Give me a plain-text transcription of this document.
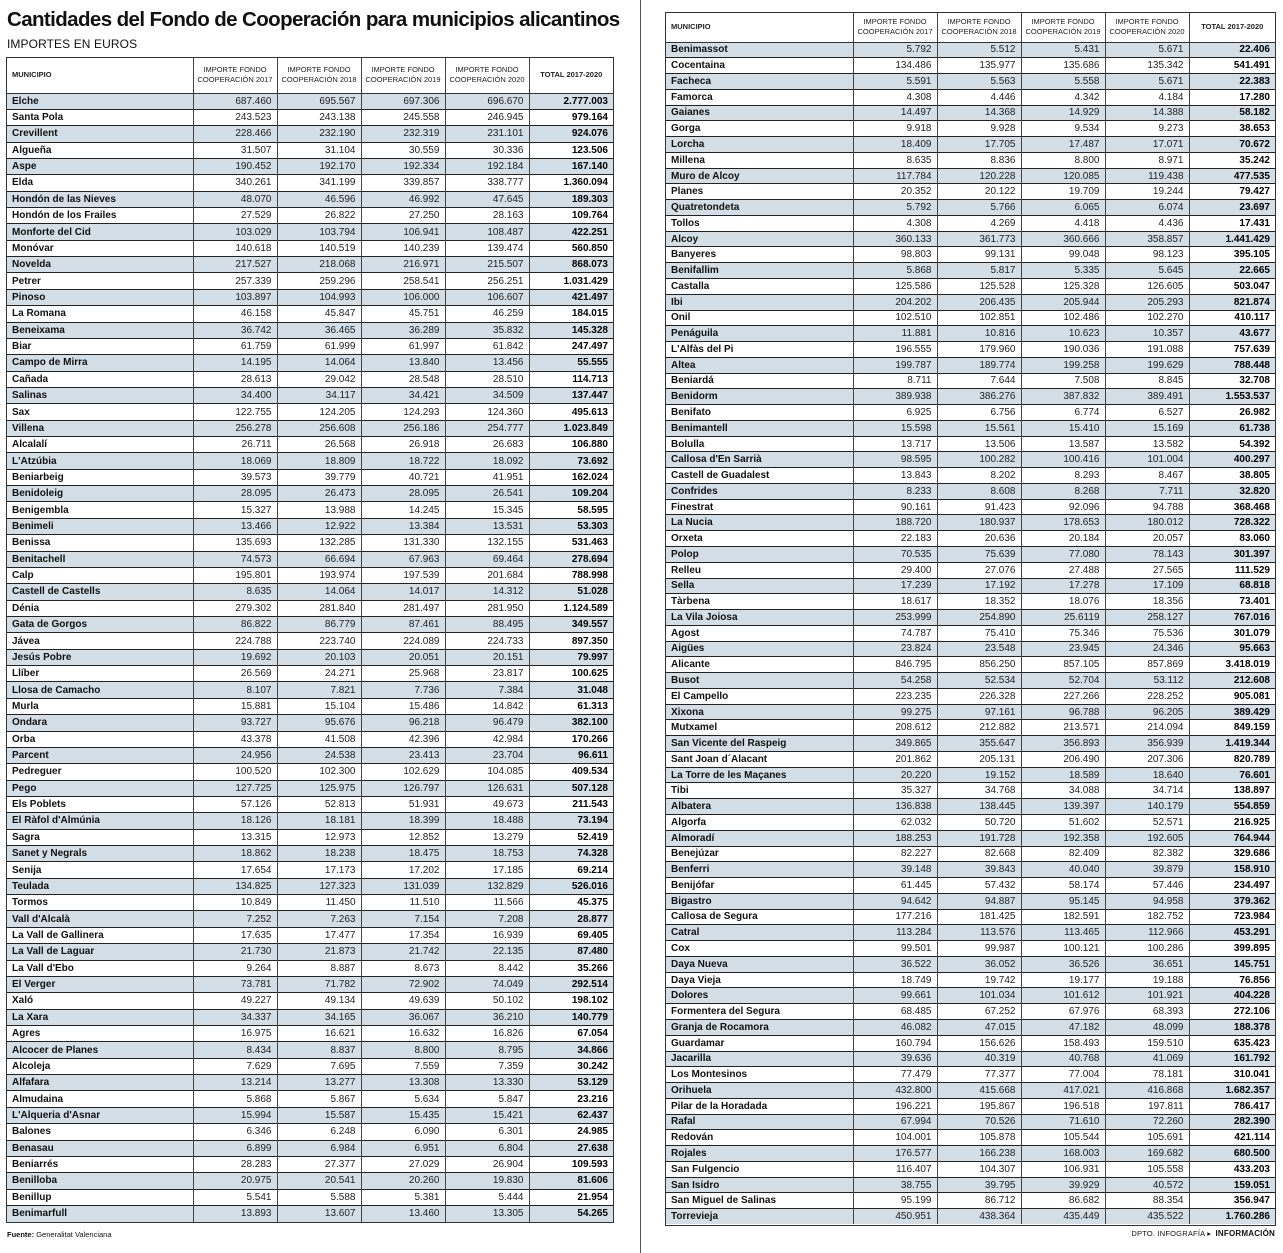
Cantidades del Fondo de Cooperación para municipios alicantinos
IMPORTES EN EUROS
MUNICIPIO	IMPORTE FONDO COOPERACIÓN 2017	IMPORTE FONDO COOPERACIÓN 2018	IMPORTE FONDO COOPERACIÓN 2019	IMPORTE FONDO COOPERACIÓN 2020	TOTAL 2017-2020
Elche	687.460	695.567	697.306	696.670	2.777.003
Santa Pola	243.523	243.138	245.558	246.945	979.164
Crevillent	228.466	232.190	232.319	231.101	924.076
Algueña	31.507	31.104	30.559	30.336	123.506
Aspe	190.452	192.170	192.334	192.184	167.140
Elda	340.261	341.199	339.857	338.777	1.360.094
Hondón de las Nieves	48.070	46.596	46.992	47.645	189.303
Hondón de los Frailes	27.529	26.822	27.250	28.163	109.764
Monforte del Cid	103.029	103.794	106.941	108.487	422.251
Monóvar	140.618	140.519	140.239	139.474	560.850
Novelda	217.527	218.068	216.971	215.507	868.073
Petrer	257.339	259.296	258.541	256.251	1.031.429
Pinoso	103.897	104.993	106.000	106.607	421.497
La Romana	46.158	45.847	45.751	46.259	184.015
Beneixama	36.742	36.465	36.289	35.832	145.328
Biar	61.759	61.999	61.997	61.842	247.497
Campo de Mirra	14.195	14.064	13.840	13.456	55.555
Cañada	28.613	29.042	28.548	28.510	114.713
Salinas	34.400	34.117	34.421	34.509	137.447
Sax	122.755	124.205	124.293	124.360	495.613
Villena	256.278	256.608	256.186	254.777	1.023.849
Alcalalí	26.711	26.568	26.918	26.683	106.880
L'Atzúbia	18.069	18.809	18.722	18.092	73.692
Beniarbeig	39.573	39.779	40.721	41.951	162.024
Benidoleig	28.095	26.473	28.095	26.541	109.204
Benigembla	15.327	13.988	14.245	15.345	58.595
Benimeli	13.466	12.922	13.384	13.531	53.303
Benissa	135.693	132.285	131.330	132.155	531.463
Benitachell	74.573	66.694	67.963	69.464	278.694
Calp	195.801	193.974	197.539	201.684	788.998
Castell de Castells	8.635	14.064	14.017	14.312	51.028
Dénia	279.302	281.840	281.497	281.950	1.124.589
Gata de Gorgos	86.822	86.779	87.461	88.495	349.557
Jávea	224.788	223.740	224.089	224.733	897.350
Jesús Pobre	19.692	20.103	20.051	20.151	79.997
Llíber	26.569	24.271	25.968	23.817	100.625
Llosa de Camacho	8.107	7.821	7.736	7.384	31.048
Murla	15.881	15.104	15.486	14.842	61.313
Ondara	93.727	95.676	96.218	96.479	382.100
Orba	43.378	41.508	42.396	42.984	170.266
Parcent	24.956	24.538	23.413	23.704	96.611
Pedreguer	100.520	102.300	102.629	104.085	409.534
Pego	127.725	125.975	126.797	126.631	507.128
Els Poblets	57.126	52.813	51.931	49.673	211.543
El Ràfol d'Almúnia	18.126	18.181	18.399	18.488	73.194
Sagra	13.315	12.973	12.852	13.279	52.419
Sanet y Negrals	18.862	18.238	18.475	18.753	74.328
Senija	17.654	17.173	17.202	17.185	69.214
Teulada	134.825	127.323	131.039	132.829	526.016
Tormos	10.849	11.450	11.510	11.566	45.375
Vall d'Alcalà	7.252	7.263	7.154	7.208	28.877
La Vall de Gallinera	17.635	17.477	17.354	16.939	69.405
La Vall de Laguar	21.730	21.873	21.742	22.135	87.480
La Vall d'Ebo	9.264	8.887	8.673	8.442	35.266
El Verger	73.781	71.782	72.902	74.049	292.514
Xaló	49.227	49.134	49.639	50.102	198.102
La Xara	34.337	34.165	36.067	36.210	140.779
Agres	16.975	16.621	16.632	16.826	67.054
Alcocer de Planes	8.434	8.837	8.800	8.795	34.866
Alcoleja	7.629	7.695	7.559	7.359	30.242
Alfafara	13.214	13.277	13.308	13.330	53.129
Almudaina	5.868	5.867	5.634	5.847	23.216
L'Alqueria d'Asnar	15.994	15.587	15.435	15.421	62.437
Balones	6.346	6.248	6.090	6.301	24.985
Benasau	6.899	6.984	6.951	6.804	27.638
Beniarrés	28.283	27.377	27.029	26.904	109.593
Benilloba	20.975	20.541	20.260	19.830	81.606
Benillup	5.541	5.588	5.381	5.444	21.954
Benimarfull	13.893	13.607	13.460	13.305	54.265
MUNICIPIO	IMPORTE FONDO COOPERACIÓN 2017	IMPORTE FONDO COOPERACIÓN 2018	IMPORTE FONDO COOPERACIÓN 2019	IMPORTE FONDO COOPERACIÓN 2020	TOTAL 2017-2020
Benimassot	5.792	5.512	5.431	5.671	22.406
Cocentaina	134.486	135.977	135.686	135.342	541.491
Facheca	5.591	5.563	5.558	5.671	22.383
Famorca	4.308	4.446	4.342	4.184	17.280
Gaianes	14.497	14.368	14.929	14.388	58.182
Gorga	9.918	9.928	9.534	9.273	38.653
Lorcha	18.409	17.705	17.487	17.071	70.672
Millena	8.635	8.836	8.800	8.971	35.242
Muro de Alcoy	117.784	120.228	120.085	119.438	477.535
Planes	20.352	20.122	19.709	19.244	79.427
Quatretondeta	5.792	5.766	6.065	6.074	23.697
Tollos	4.308	4.269	4.418	4.436	17.431
Alcoy	360.133	361.773	360.666	358.857	1.441.429
Banyeres	98.803	99.131	99.048	98.123	395.105
Benifallim	5.868	5.817	5.335	5.645	22.665
Castalla	125.586	125.528	125.328	126.605	503.047
Ibi	204.202	206.435	205.944	205.293	821.874
Onil	102.510	102.851	102.486	102.270	410.117
Penáguila	11.881	10.816	10.623	10.357	43.677
L'Alfàs del Pi	196.555	179.960	190.036	191.088	757.639
Altea	199.787	189.774	199.258	199.629	788.448
Beniardá	8.711	7.644	7.508	8.845	32.708
Benidorm	389.938	386.276	387.832	389.491	1.553.537
Benifato	6.925	6.756	6.774	6.527	26.982
Benimantell	15.598	15.561	15.410	15.169	61.738
Bolulla	13.717	13.506	13.587	13.582	54.392
Callosa d'En Sarrià	98.595	100.282	100.416	101.004	400.297
Castell de Guadalest	13.843	8.202	8.293	8.467	38.805
Confrides	8.233	8.608	8.268	7.711	32.820
Finestrat	90.161	91.423	92.096	94.788	368.468
La Nucia	188.720	180.937	178.653	180.012	728.322
Orxeta	22.183	20.636	20.184	20.057	83.060
Polop	70.535	75.639	77.080	78.143	301.397
Relleu	29.400	27.076	27.488	27.565	111.529
Sella	17.239	17.192	17.278	17.109	68.818
Tàrbena	18.617	18.352	18.076	18.356	73.401
La Vila Joiosa	253.999	254.890	25.6119	258.127	767.016
Agost	74.787	75.410	75.346	75.536	301.079
Aigües	23.824	23.548	23.945	24.346	95.663
Alicante	846.795	856.250	857.105	857.869	3.418.019
Busot	54.258	52.534	52.704	53.112	212.608
El Campello	223.235	226.328	227.266	228.252	905.081
Xixona	99.275	97.161	96.788	96.205	389.429
Mutxamel	208.612	212.882	213.571	214.094	849.159
San Vicente del Raspeig	349.865	355.647	356.893	356.939	1.419.344
Sant Joan d´Alacant	201.862	205.131	206.490	207.306	820.789
La Torre de les Maçanes	20.220	19.152	18.589	18.640	76.601
Tibi	35.327	34.768	34.088	34.714	138.897
Albatera	136.838	138.445	139.397	140.179	554.859
Algorfa	62.032	50.720	51.602	52.571	216.925
Almoradí	188.253	191.728	192.358	192.605	764.944
Benejúzar	82.227	82.668	82.409	82.382	329.686
Benferri	39.148	39.843	40.040	39.879	158.910
Benijófar	61.445	57.432	58.174	57.446	234.497
Bigastro	94.642	94.887	95.145	94.958	379.362
Callosa de Segura	177.216	181.425	182.591	182.752	723.984
Catral	113.284	113.576	113.465	112.966	453.291
Cox	99.501	99.987	100.121	100.286	399.895
Daya Nueva	36.522	36.052	36.526	36.651	145.751
Daya Vieja	18.749	19.742	19.177	19.188	76.856
Dolores	99.661	101.034	101.612	101.921	404.228
Formentera del Segura	68.485	67.252	67.976	68.393	272.106
Granja de Rocamora	46.082	47.015	47.182	48.099	188.378
Guardamar	160.794	156.626	158.493	159.510	635.423
Jacarilla	39.636	40.319	40.768	41.069	161.792
Los Montesinos	77.479	77.377	77.004	78.181	310.041
Orihuela	432.800	415.668	417.021	416.868	1.682.357
Pilar de la Horadada	196.221	195.867	196.518	197.811	786.417
Rafal	67.994	70.526	71.610	72.260	282.390
Redován	104.001	105.878	105.544	105.691	421.114
Rojales	176.577	166.238	168.003	169.682	680.500
San Fulgencio	116.407	104.307	106.931	105.558	433.203
San Isidro	38.755	39.795	39.929	40.572	159.051
San Miguel de Salinas	95.199	86.712	86.682	88.354	356.947
Torrevieja	450.951	438.364	435.449	435.522	1.760.286
Fuente: Generalitat Valenciana	DPTO. INFOGRAFÍA ▸ INFORMACIÓN
